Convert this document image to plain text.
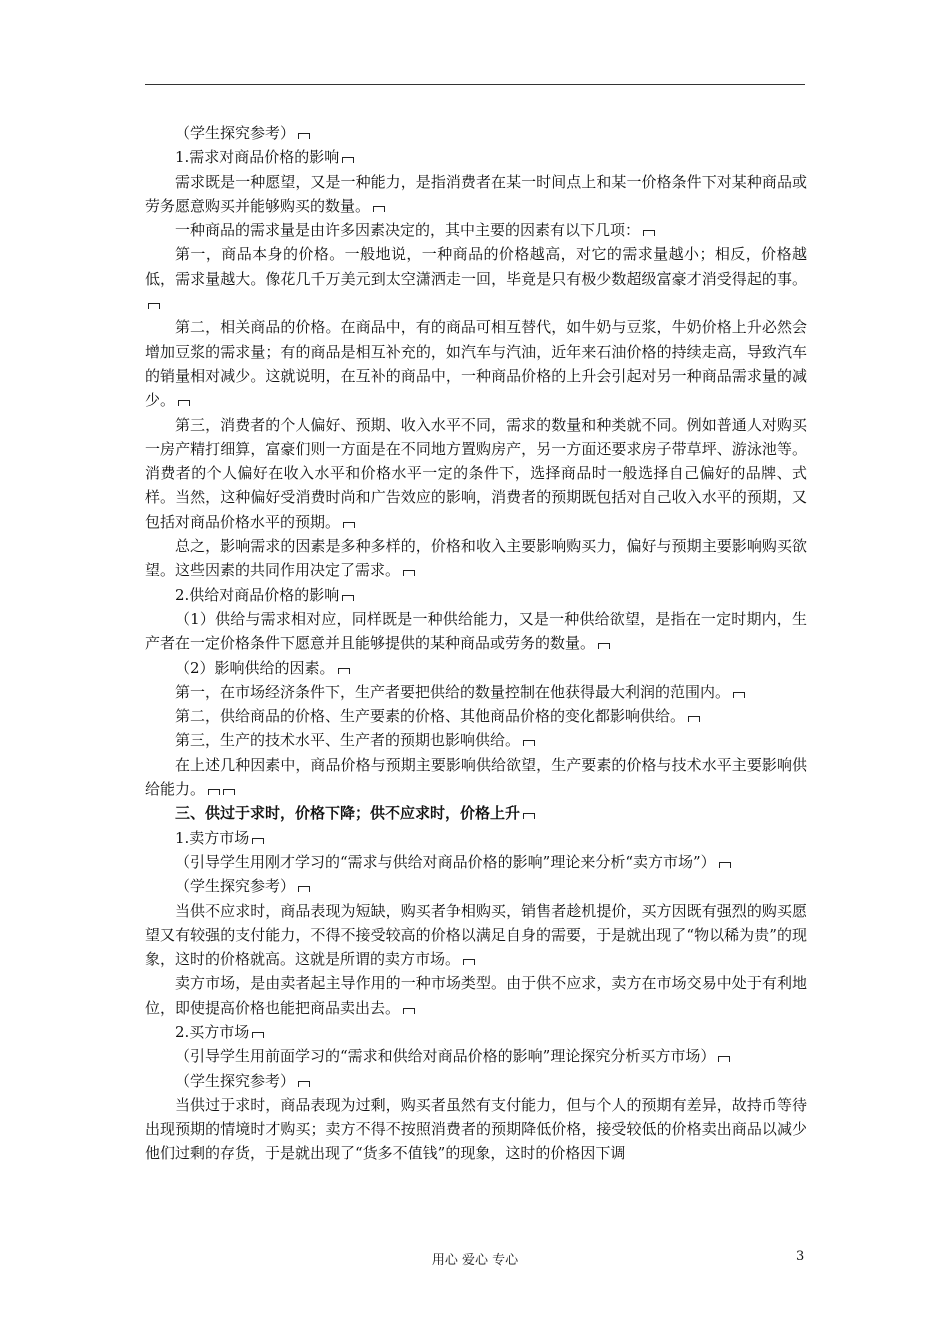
（学生探究参考）

1.需求对商品价格的影响

需求既是一种愿望，又是一种能力，是指消费者在某一时间点上和某一价格条件下对某种商品或劳务愿意购买并能够购买的数量。

一种商品的需求量是由许多因素决定的，其中主要的因素有以下几项：

第一，商品本身的价格。一般地说，一种商品的价格越高，对它的需求量越小；相反，价格越低，需求量越大。像花几千万美元到太空潇洒走一回，毕竟是只有极少数超级富豪才消受得起的事。

第二，相关商品的价格。在商品中，有的商品可相互替代，如牛奶与豆浆，牛奶价格上升必然会增加豆浆的需求量；有的商品是相互补充的，如汽车与汽油，近年来石油价格的持续走高，导致汽车的销量相对减少。这就说明，在互补的商品中，一种商品价格的上升会引起对另一种商品需求量的减少。

第三，消费者的个人偏好、预期、收入水平不同，需求的数量和种类就不同。例如普通人对购买一房产精打细算，富豪们则一方面是在不同地方置购房产，另一方面还要求房子带草坪、游泳池等。消费者的个人偏好在收入水平和价格水平一定的条件下，选择商品时一般选择自己偏好的品牌、式样。当然，这种偏好受消费时尚和广告效应的影响，消费者的预期既包括对自己收入水平的预期，又包括对商品价格水平的预期。

总之，影响需求的因素是多种多样的，价格和收入主要影响购买力，偏好与预期主要影响购买欲望。这些因素的共同作用决定了需求。

2.供给对商品价格的影响

（1）供给与需求相对应，同样既是一种供给能力，又是一种供给欲望，是指在一定时期内，生产者在一定价格条件下愿意并且能够提供的某种商品或劳务的数量。

（2）影响供给的因素。

第一，在市场经济条件下，生产者要把供给的数量控制在他获得最大利润的范围内。

第二，供给商品的价格、生产要素的价格、其他商品价格的变化都影响供给。

第三，生产的技术水平、生产者的预期也影响供给。

在上述几种因素中，商品价格与预期主要影响供给欲望，生产要素的价格与技术水平主要影响供给能力。

三、供过于求时，价格下降；供不应求时，价格上升

1.卖方市场

（引导学生用刚才学习的“需求与供给对商品价格的影响”理论来分析“卖方市场”）

（学生探究参考）

当供不应求时，商品表现为短缺，购买者争相购买，销售者趁机提价，买方因既有强烈的购买愿望又有较强的支付能力，不得不接受较高的价格以满足自身的需要，于是就出现了“物以稀为贵”的现象，这时的价格就高。这就是所谓的卖方市场。

卖方市场，是由卖者起主导作用的一种市场类型。由于供不应求，卖方在市场交易中处于有利地位，即使提高价格也能把商品卖出去。

2.买方市场

（引导学生用前面学习的“需求和供给对商品价格的影响”理论探究分析买方市场）

（学生探究参考）

当供过于求时，商品表现为过剩，购买者虽然有支付能力，但与个人的预期有差异，故持币等待出现预期的情境时才购买；卖方不得不按照消费者的预期降低价格，接受较低的价格卖出商品以减少他们过剩的存货，于是就出现了“货多不值钱”的现象，这时的价格因下调

用心 爱心 专心	3
